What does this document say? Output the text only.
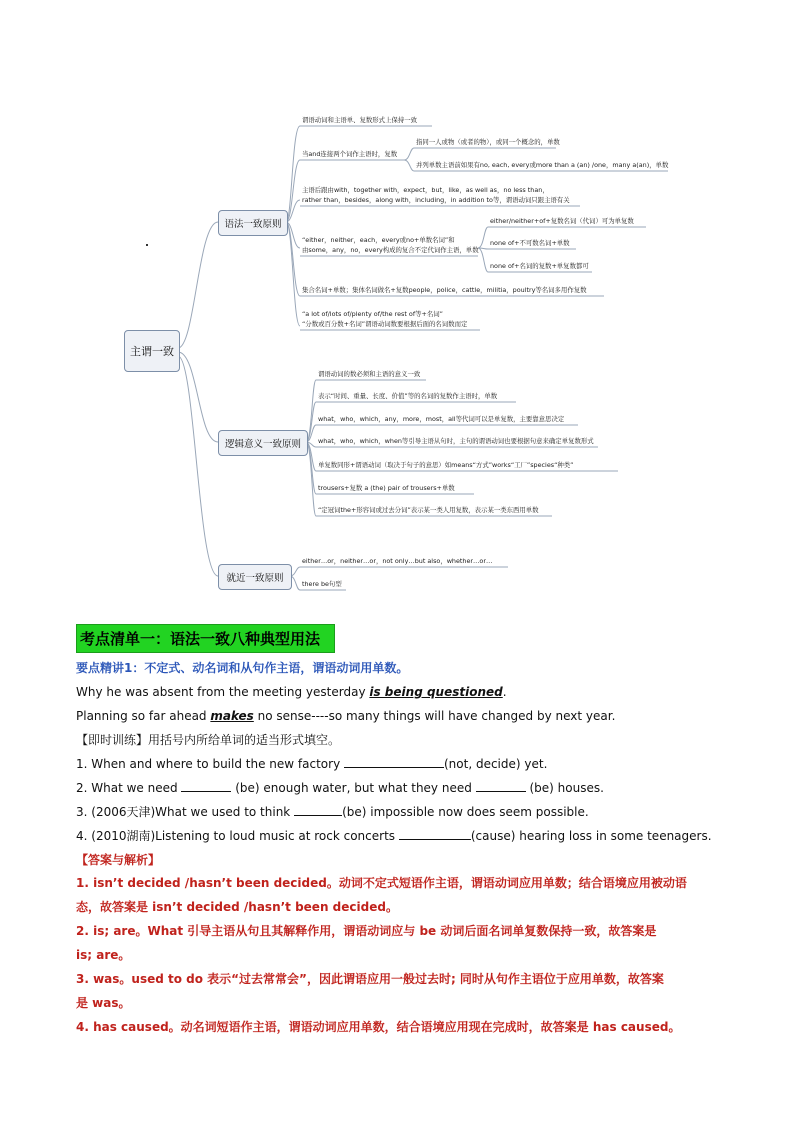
主谓一致
语法一致原则
逻辑意义一致原则
就近一致原则
谓语动词和主语单、复数形式上保持一致
当and连接两个词作主语时，复数
指同一人或物（或者的物），或同一个概念的，单数
并列单数主语前如果有no, each, every或more than a (an) /one，many a(an)，单数
主语后跟由with，together with，expect，but，like，as well as，no less than，
rather than，besides，along with，including，in addition to等，谓语动词只跟主语有关
“either，neither，each，every或no+单数名词”和
由some，any，no，every构成的复合不定代词作主语，单数
either/neither+of+复数名词（代词）可为单复数
none of+不可数名词+单数
none of+名词的复数+单复数都可
集合名词+单数；集体名词做名+复数people，police，cattle，militia，poultry等名词多用作复数
“a lot of/lots of/plenty of/the rest of等+名词”
“分数或百分数+名词”谓语动词数要根据后面的名词数而定
谓语动词的数必须和主语的意义一致
表示“时间、重量、长度、价值”等的名词的复数作主语时，单数
what，who，which，any，more，most，all等代词可以是单复数，主要靠意思决定
what，who，which，when等引导主语从句时，主句的谓语动词也要根据句意来确定单复数形式
单复数同形+谓语动词（取决于句子的意思）如means“方式”works“工厂”species“种类”
trousers+复数 a (the) pair of trousers+单数
“定冠词the+形容词或过去分词”表示某一类人用复数，表示某一类东西用单数
either…or，neither…or，not only…but also，whether…or…
there be句型
考点清单一：语法一致八种典型用法

要点精讲1：不定式、动名词和从句作主语，谓语动词用单数。

Why he was absent from the meeting yesterday is being questioned.

Planning so far ahead makes no sense----so many things will have changed by next year.

【即时训练】用括号内所给单词的适当形式填空。

1. When and where to build the new factory	(not, decide) yet.

2. What we need	(be) enough water, but what they need	(be) houses.

3. (2006天津)What we used to think	(be) impossible now does seem possible.

4. (2010湖南)Listening to loud music at rock concerts	(cause) hearing loss in some teenagers.

【答案与解析】

1. isn’t decided /hasn’t been decided。动词不定式短语作主语，谓语动词应用单数；结合语境应用被动语

态，故答案是 isn’t decided /hasn’t been decided。

2. is; are。What 引导主语从句且其解释作用，谓语动词应与 be 动词后面名词单复数保持一致，故答案是

is; are。

3. was。used to do 表示“过去常常会”，因此谓语应用一般过去时; 同时从句作主语位于应用单数，故答案

是 was。

4. has caused。动名词短语作主语，谓语动词应用单数，结合语境应用现在完成时，故答案是 has caused。
